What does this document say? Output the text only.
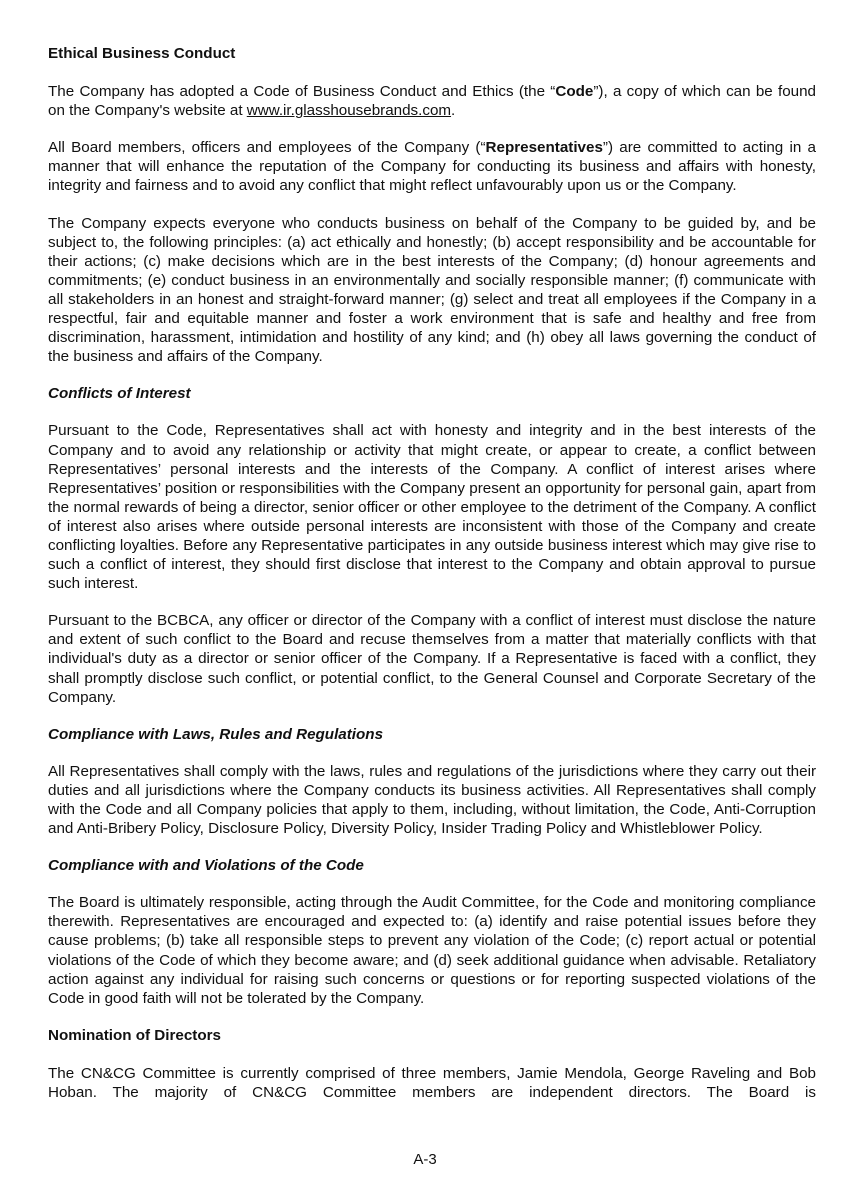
Ethical Business Conduct

The Company has adopted a Code of Business Conduct and Ethics (the “Code”), a copy of which can be found on the Company's website at www.ir.glasshousebrands.com.

All Board members, officers and employees of the Company (“Representatives”) are committed to acting in a manner that will enhance the reputation of the Company for conducting its business and affairs with honesty, integrity and fairness and to avoid any conflict that might reflect unfavourably upon us or the Company.

The Company expects everyone who conducts business on behalf of the Company to be guided by, and be subject to, the following principles: (a) act ethically and honestly; (b) accept responsibility and be accountable for their actions; (c) make decisions which are in the best interests of the Company; (d) honour agreements and commitments; (e) conduct business in an environmentally and socially responsible manner; (f) communicate with all stakeholders in an honest and straight-forward manner; (g) select and treat all employees if the Company in a respectful, fair and equitable manner and foster a work environment that is safe and healthy and free from discrimination, harassment, intimidation and hostility of any kind; and (h) obey all laws governing the conduct of the business and affairs of the Company.

Conflicts of Interest

Pursuant to the Code, Representatives shall act with honesty and integrity and in the best interests of the Company and to avoid any relationship or activity that might create, or appear to create, a conflict between Representatives’ personal interests and the interests of the Company. A conflict of interest arises where Representatives’ position or responsibilities with the Company present an opportunity for personal gain, apart from the normal rewards of being a director, senior officer or other employee to the detriment of the Company. A conflict of interest also arises where outside personal interests are inconsistent with those of the Company and create conflicting loyalties. Before any Representative participates in any outside business interest which may give rise to such a conflict of interest, they should first disclose that interest to the Company and obtain approval to pursue such interest.

Pursuant to the BCBCA, any officer or director of the Company with a conflict of interest must disclose the nature and extent of such conflict to the Board and recuse themselves from a matter that materially conflicts with that individual's duty as a director or senior officer of the Company. If a Representative is faced with a conflict, they shall promptly disclose such conflict, or potential conflict, to the General Counsel and Corporate Secretary of the Company.

Compliance with Laws, Rules and Regulations

All Representatives shall comply with the laws, rules and regulations of the jurisdictions where they carry out their duties and all jurisdictions where the Company conducts its business activities. All Representatives shall comply with the Code and all Company policies that apply to them, including, without limitation, the Code, Anti-Corruption and Anti-Bribery Policy, Disclosure Policy, Diversity Policy, Insider Trading Policy and Whistleblower Policy.

Compliance with and Violations of the Code

The Board is ultimately responsible, acting through the Audit Committee, for the Code and monitoring compliance therewith. Representatives are encouraged and expected to: (a) identify and raise potential issues before they cause problems; (b) take all responsible steps to prevent any violation of the Code; (c) report actual or potential violations of the Code of which they become aware; and (d) seek additional guidance when advisable. Retaliatory action against any individual for raising such concerns or questions or for reporting suspected violations of the Code in good faith will not be tolerated by the Company.

Nomination of Directors

The CN&CG Committee is currently comprised of three members, Jamie Mendola, George Raveling and Bob Hoban. The majority of CN&CG Committee members are independent directors. The Board is

A-3
